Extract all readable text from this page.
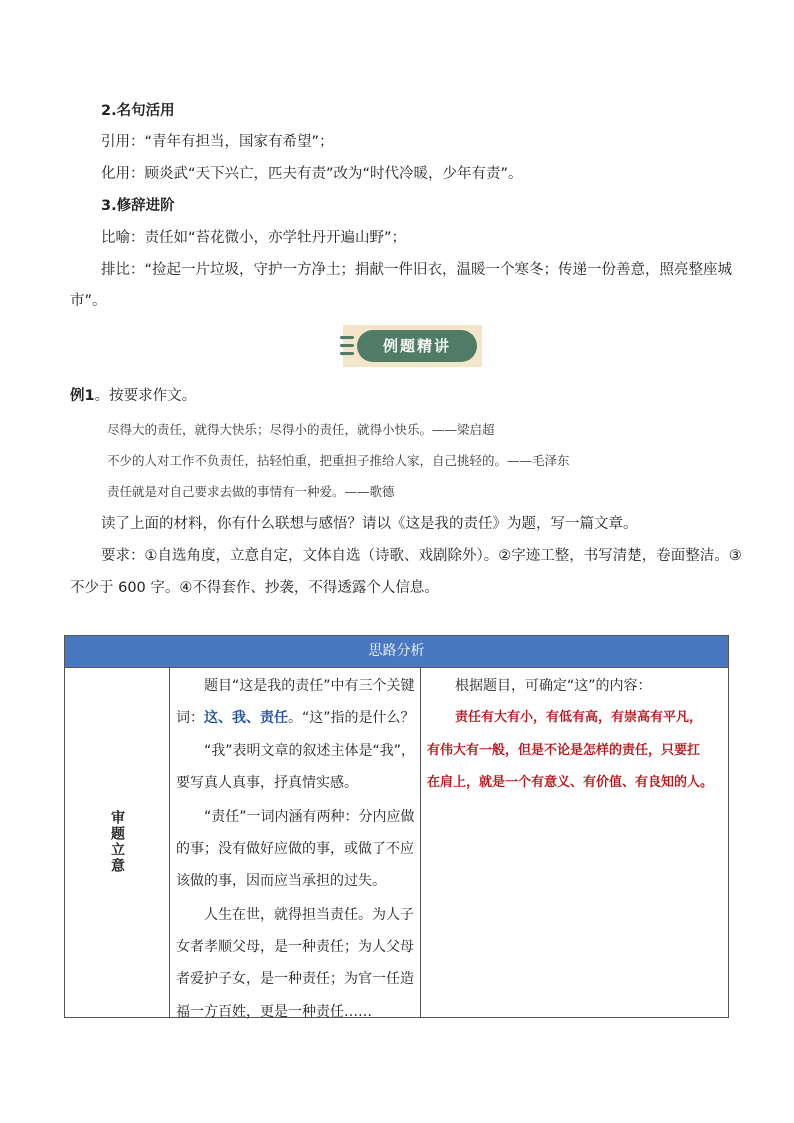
2.名句活用
引用：“青年有担当，国家有希望”；
化用：顾炎武“天下兴亡，匹夫有责”改为“时代冷暖，少年有责”。
3.修辞进阶
比喻：责任如“苔花微小，亦学牡丹开遍山野”；
排比：“捡起一片垃圾，守护一方净土；捐献一件旧衣，温暖一个寒冬；传递一份善意，照亮整座城
市”。
例题精讲
例1。按要求作文。
尽得大的责任，就得大快乐；尽得小的责任，就得小快乐。——梁启超
不少的人对工作不负责任，拈轻怕重，把重担子推给人家，自己挑轻的。——毛泽东
责任就是对自己要求去做的事情有一种爱。——歌德
读了上面的材料，你有什么联想与感悟？请以《这是我的责任》为题，写一篇文章。
要求：①自选角度，立意自定，文体自选（诗歌、戏剧除外）。②字迹工整，书写清楚，卷面整洁。③
不少于 600 字。④不得套作、抄袭，不得透露个人信息。
思路分析
审题立意
题目“这是我的责任”中有三个关键
词：这、我、责任。“这”指的是什么？
“我”表明文章的叙述主体是“我”，
要写真人真事，抒真情实感。
“责任”一词内涵有两种：分内应做
的事；没有做好应做的事，或做了不应
该做的事，因而应当承担的过失。
人生在世，就得担当责任。为人子
女者孝顺父母，是一种责任；为人父母
者爱护子女，是一种责任；为官一任造
福一方百姓，更是一种责任……
根据题目，可确定“这”的内容：
责任有大有小，有低有高，有崇高有平凡，
有伟大有一般，但是不论是怎样的责任，只要扛
在肩上，就是一个有意义、有价值、有良知的人。
